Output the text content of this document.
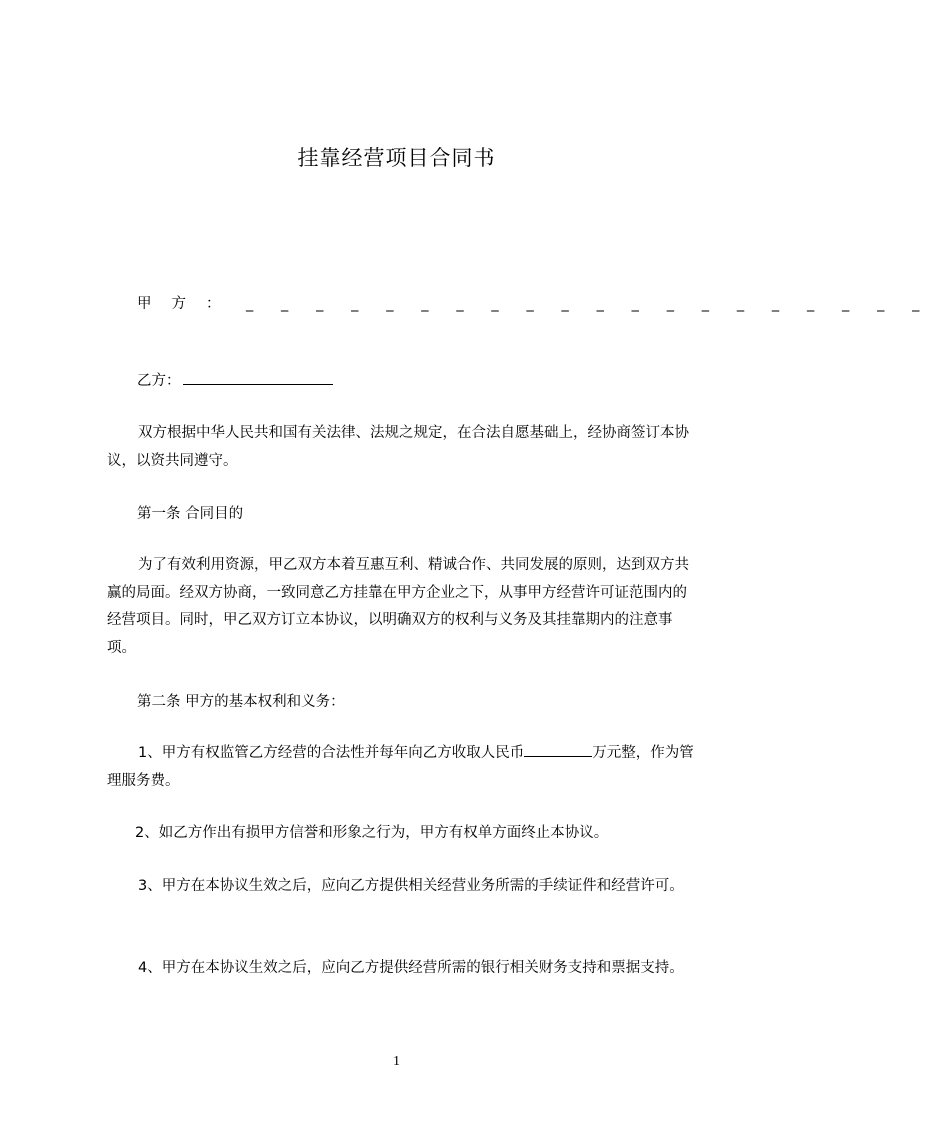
挂靠经营项目合同书

甲方： _ _ _ _ _ _ _ _ _ _ _ _ _ _ _ _ _ _ _ _

乙方：

双方根据中华人民共和国有关法律、法规之规定，在合法自愿基础上，经协商签订本协议，以资共同遵守。

第一条 合同目的

为了有效利用资源，甲乙双方本着互惠互利、精诚合作、共同发展的原则，达到双方共赢的局面。经双方协商，一致同意乙方挂靠在甲方企业之下，从事甲方经营许可证范围内的经营项目。同时，甲乙双方订立本协议，以明确双方的权利与义务及其挂靠期内的注意事项。

第二条 甲方的基本权利和义务：

1、甲方有权监管乙方经营的合法性并每年向乙方收取人民币	万元整，作为管理服务费。

2、如乙方作出有损甲方信誉和形象之行为，甲方有权单方面终止本协议。

3、甲方在本协议生效之后，应向乙方提供相关经营业务所需的手续证件和经营许可。

4、甲方在本协议生效之后，应向乙方提供经营所需的银行相关财务支持和票据支持。

1
